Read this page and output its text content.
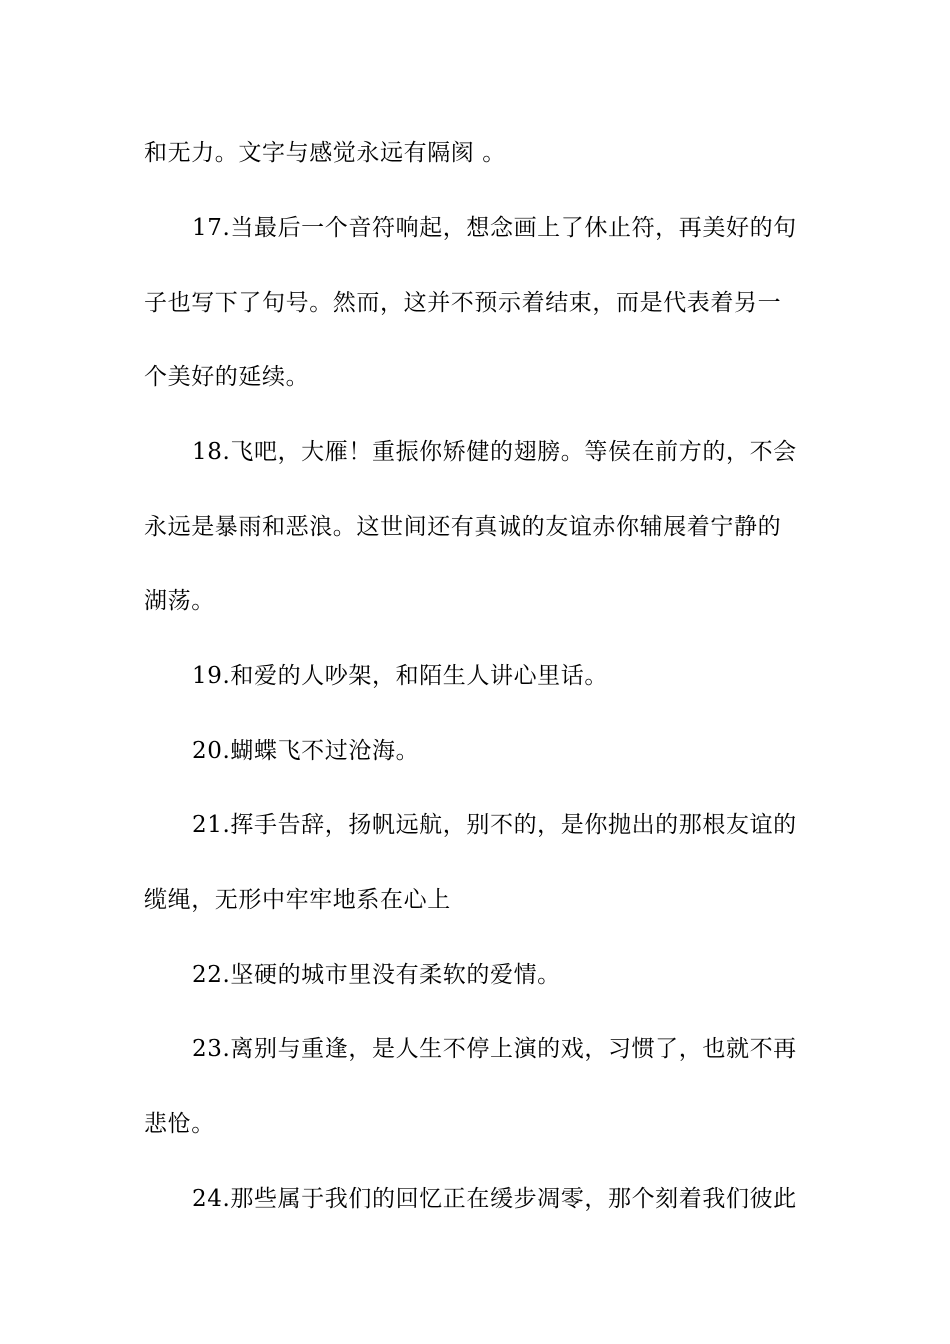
和无力。文字与感觉永远有隔阂 。
17.当最后一个音符响起，想念画上了休止符，再美好的句
子也写下了句号。然而，这并不预示着结束，而是代表着另一
个美好的延续。
18.飞吧，大雁！重振你矫健的翅膀。等侯在前方的，不会
永远是暴雨和恶浪。这世间还有真诚的友谊赤你辅展着宁静的
湖荡。
19.和爱的人吵架，和陌生人讲心里话。
20.蝴蝶飞不过沧海。
21.挥手告辞，扬帆远航，别不的，是你抛出的那根友谊的
缆绳，无形中牢牢地系在心上
22.坚硬的城市里没有柔软的爱情。
23.离别与重逢，是人生不停上演的戏，习惯了，也就不再
悲怆。
24.那些属于我们的回忆正在缓步凋零，那个刻着我们彼此
